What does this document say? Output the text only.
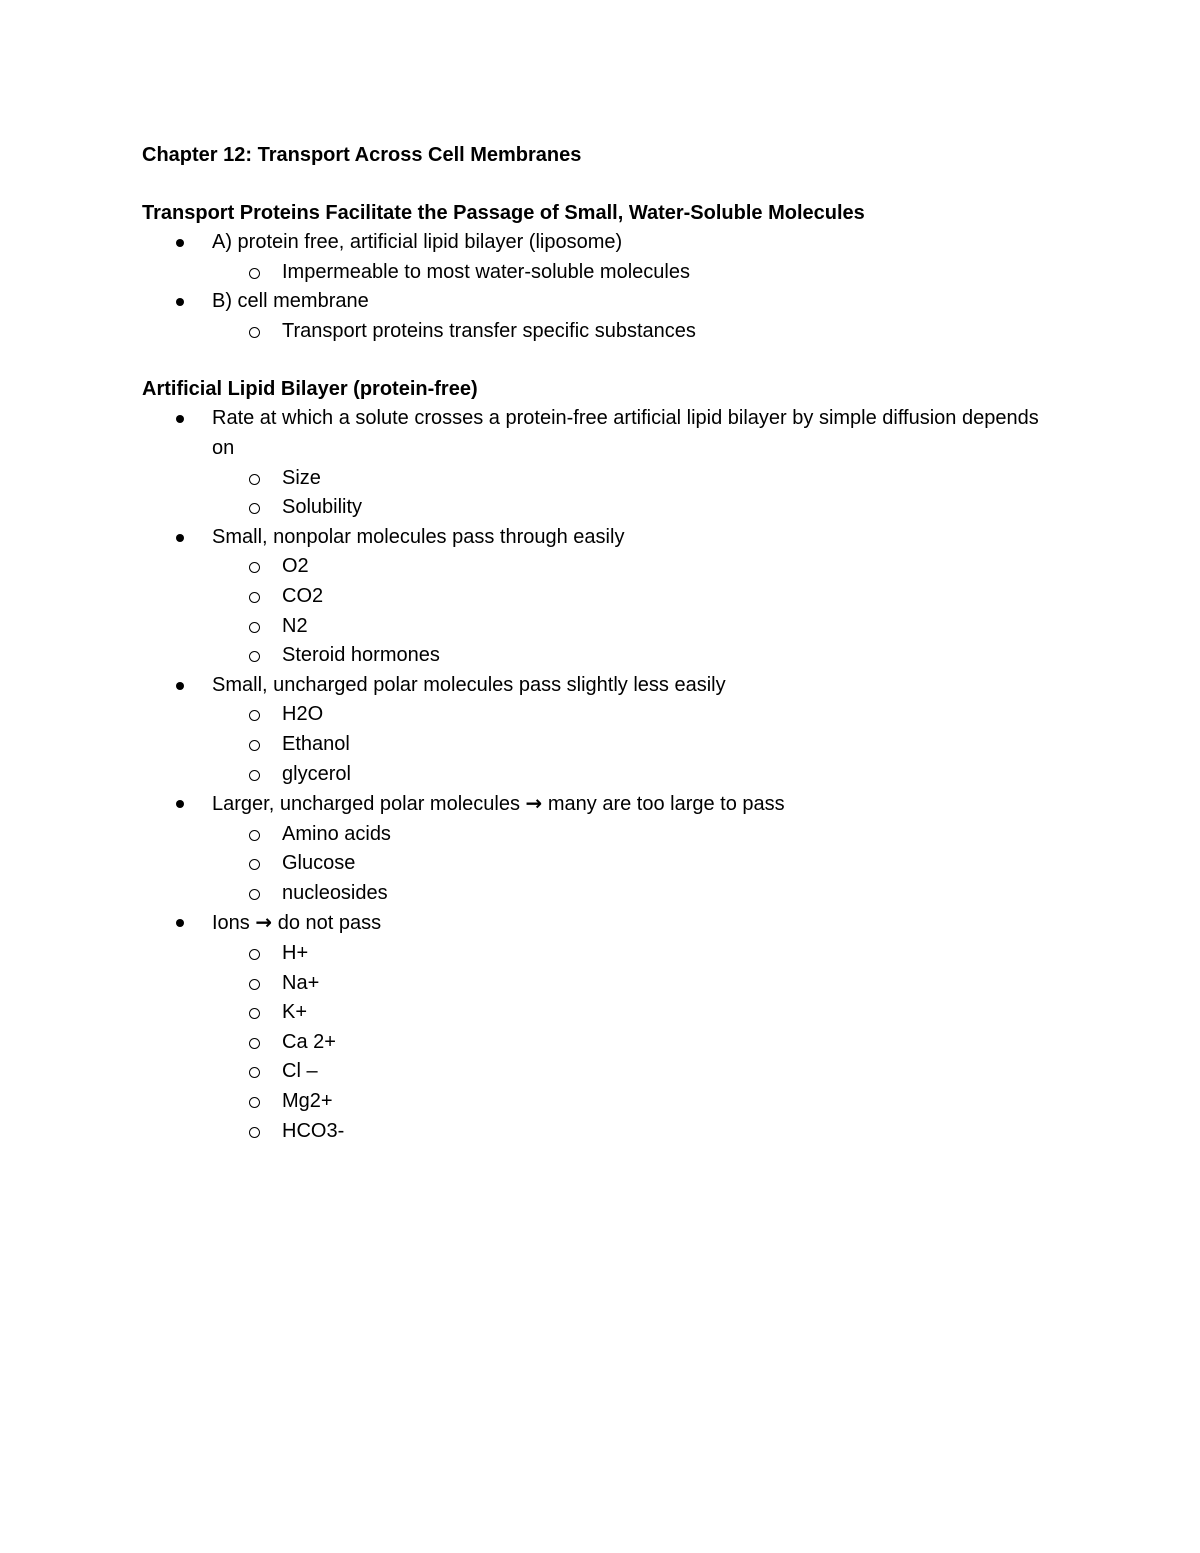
Chapter 12: Transport Across Cell Membranes
Transport Proteins Facilitate the Passage of Small, Water-Soluble Molecules
A) protein free, artificial lipid bilayer (liposome)
Impermeable to most water-soluble molecules
B) cell membrane
Transport proteins transfer specific substances
Artificial Lipid Bilayer (protein-free)
Rate at which a solute crosses a protein-free artificial lipid bilayer by simple diffusion depends on
Size
Solubility
Small, nonpolar molecules pass through easily
O2
CO2
N2
Steroid hormones
Small, uncharged polar molecules pass slightly less easily
H2O
Ethanol
glycerol
Larger, uncharged polar molecules → many are too large to pass
Amino acids
Glucose
nucleosides
Ions → do not pass
H+
Na+
K+
Ca 2+
Cl –
Mg2+
HCO3-
